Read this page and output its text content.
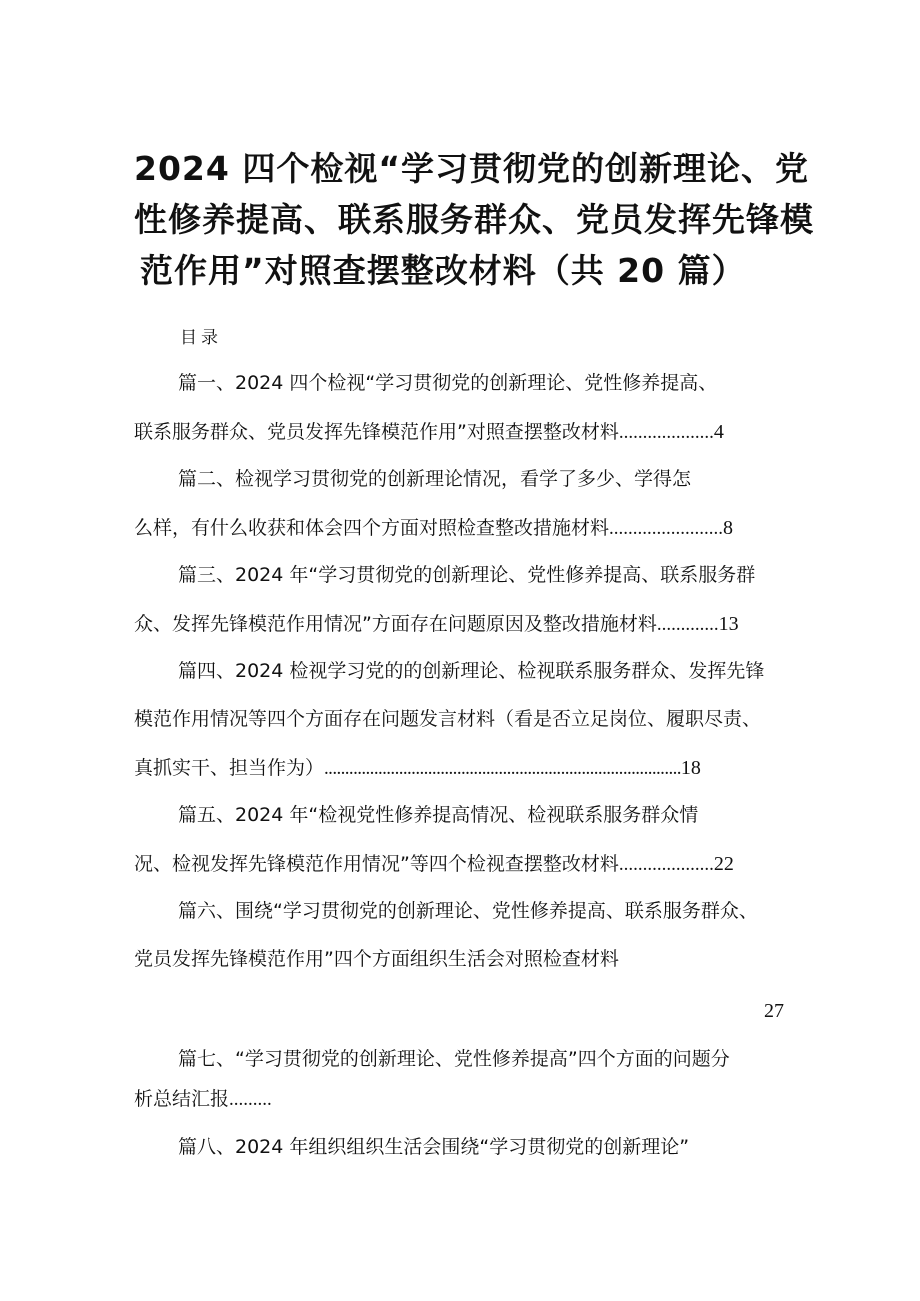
2024 四个检视“学习贯彻党的创新理论、党
性修养提高、联系服务群众、党员发挥先锋模
范作用”对照查摆整改材料（共 20 篇）
目录
篇一、2024 四个检视“学习贯彻党的创新理论、党性修养提高、
联系服务群众、党员发挥先锋模范作用”对照查摆整改材料....................4
篇二、检视学习贯彻党的创新理论情况，看学了多少、学得怎
么样，有什么收获和体会四个方面对照检查整改措施材料........................8
篇三、2024 年“学习贯彻党的创新理论、党性修养提高、联系服务群
众、发挥先锋模范作用情况”方面存在问题原因及整改措施材料.............13
篇四、2024 检视学习党的的创新理论、检视联系服务群众、发挥先锋
模范作用情况等四个方面存在问题发言材料（看是否立足岗位、履职尽责、
真抓实干、担当作为）......................................................................................18
篇五、2024 年“检视党性修养提高情况、检视联系服务群众情
况、检视发挥先锋模范作用情况”等四个检视查摆整改材料....................22
篇六、围绕“学习贯彻党的创新理论、党性修养提高、联系服务群众、
党员发挥先锋模范作用”四个方面组织生活会对照检查材料
27
篇七、“学习贯彻党的创新理论、党性修养提高”四个方面的问题分
析总结汇报.........
篇八、2024 年组织组织生活会围绕“学习贯彻党的创新理论”
